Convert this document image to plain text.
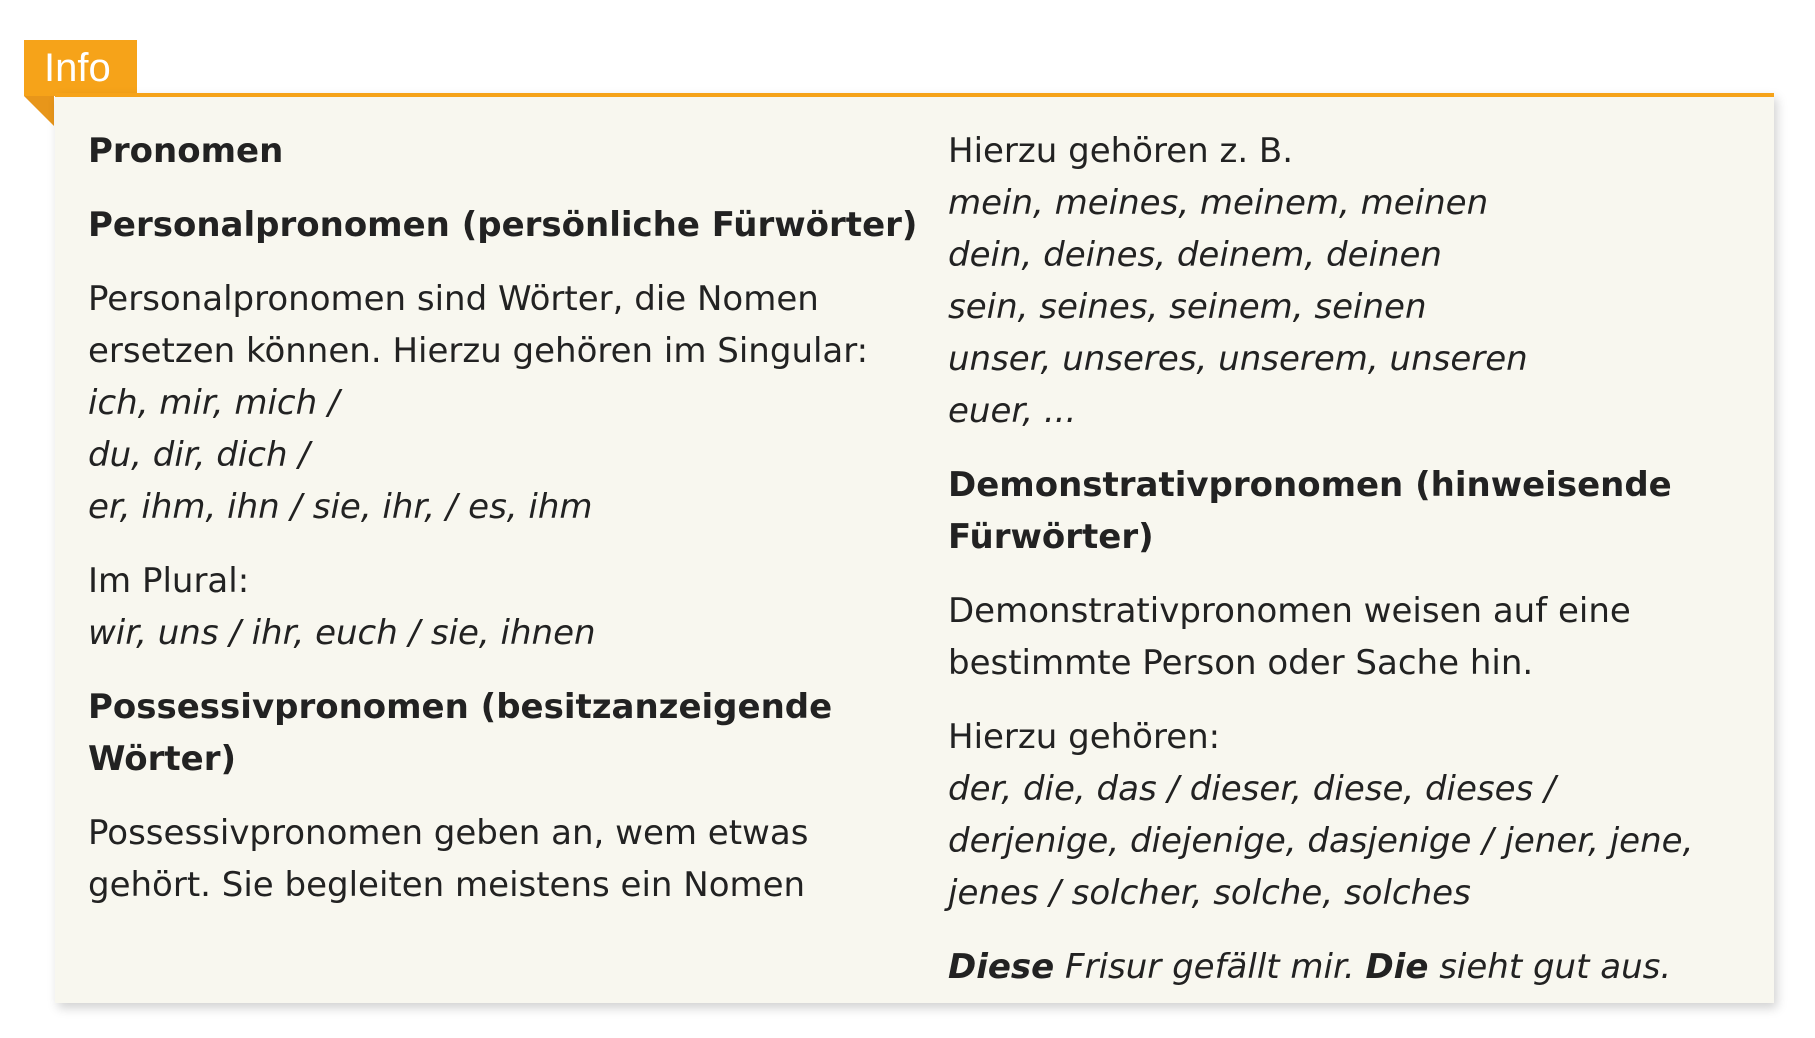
Info
Pronomen
Personalpronomen (persönliche Fürwörter)
Personalpronomen sind Wörter, die Nomen
ersetzen können. Hierzu gehören im Singular:
ich, mir, mich /
du, dir, dich /
er, ihm, ihn / sie, ihr, / es, ihm
Im Plural:
wir, uns / ihr, euch / sie, ihnen
Possessivpronomen (besitzanzeigende
Wörter)
Possessivpronomen geben an, wem etwas
gehört. Sie begleiten meistens ein Nomen
Hierzu gehören z. B.
mein, meines, meinem, meinen
dein, deines, deinem, deinen
sein, seines, seinem, seinen
unser, unseres, unserem, unseren
euer, ...
Demonstrativpronomen (hinweisende
Fürwörter)
Demonstrativpronomen weisen auf eine
bestimmte Person oder Sache hin.
Hierzu gehören:
der, die, das / dieser, diese, dieses /
derjenige, diejenige, dasjenige / jener, jene,
jenes / solcher, solche, solches
Diese Frisur gefällt mir. Die sieht gut aus.
